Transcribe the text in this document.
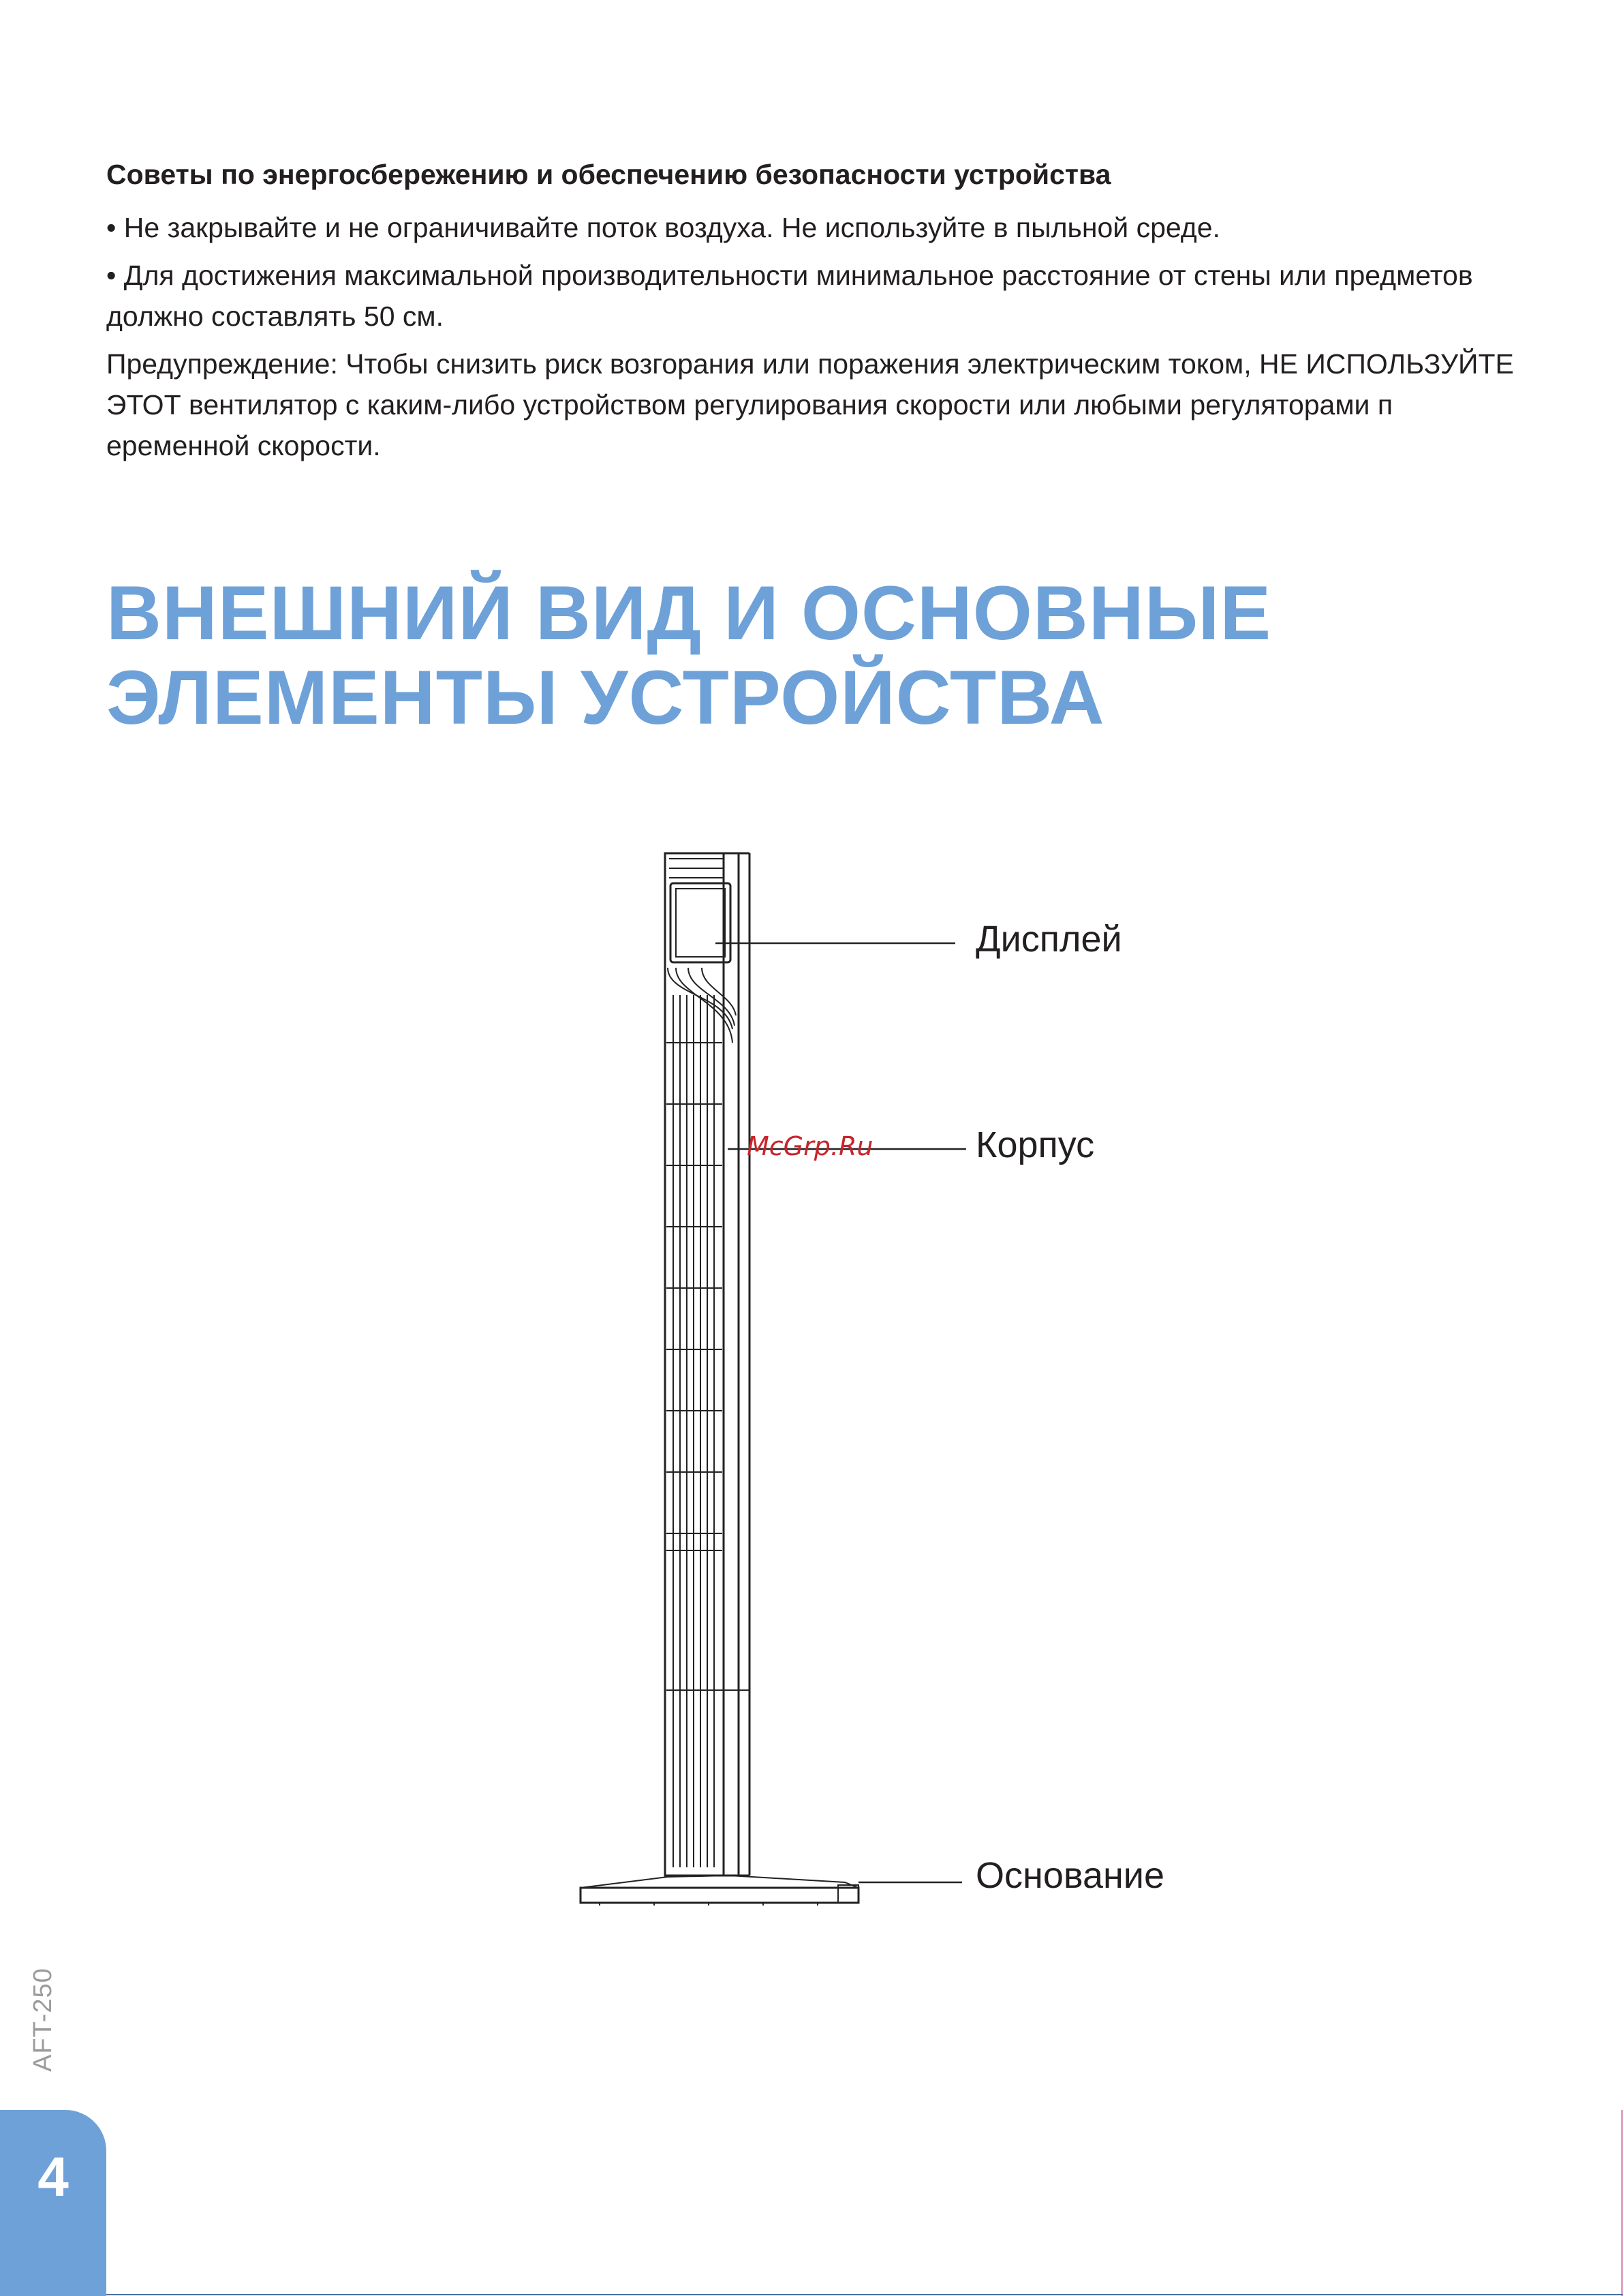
Советы по энергосбережению и обеспечению безопасности устройства

• Не закрывайте и не ограничивайте поток воздуха. Не используйте в пыльной среде.

• Для достижения максимальной производительности минимальное расстояние от стены или предметов должно составлять 50 см.

Предупреждение: Чтобы снизить риск возгорания или поражения электрическим током, НЕ ИСПОЛЬЗУЙТЕ ЭТОТ вентилятор с каким-либо устройством регулирования скорости или любыми регуляторами п еременной скорости.

ВНЕШНИЙ ВИД И ОСНОВНЫЕ
ЭЛЕМЕНТЫ УСТРОЙСТВА
Дисплей
Корпус
Основание
McGrp.Ru
AFT-250
4
